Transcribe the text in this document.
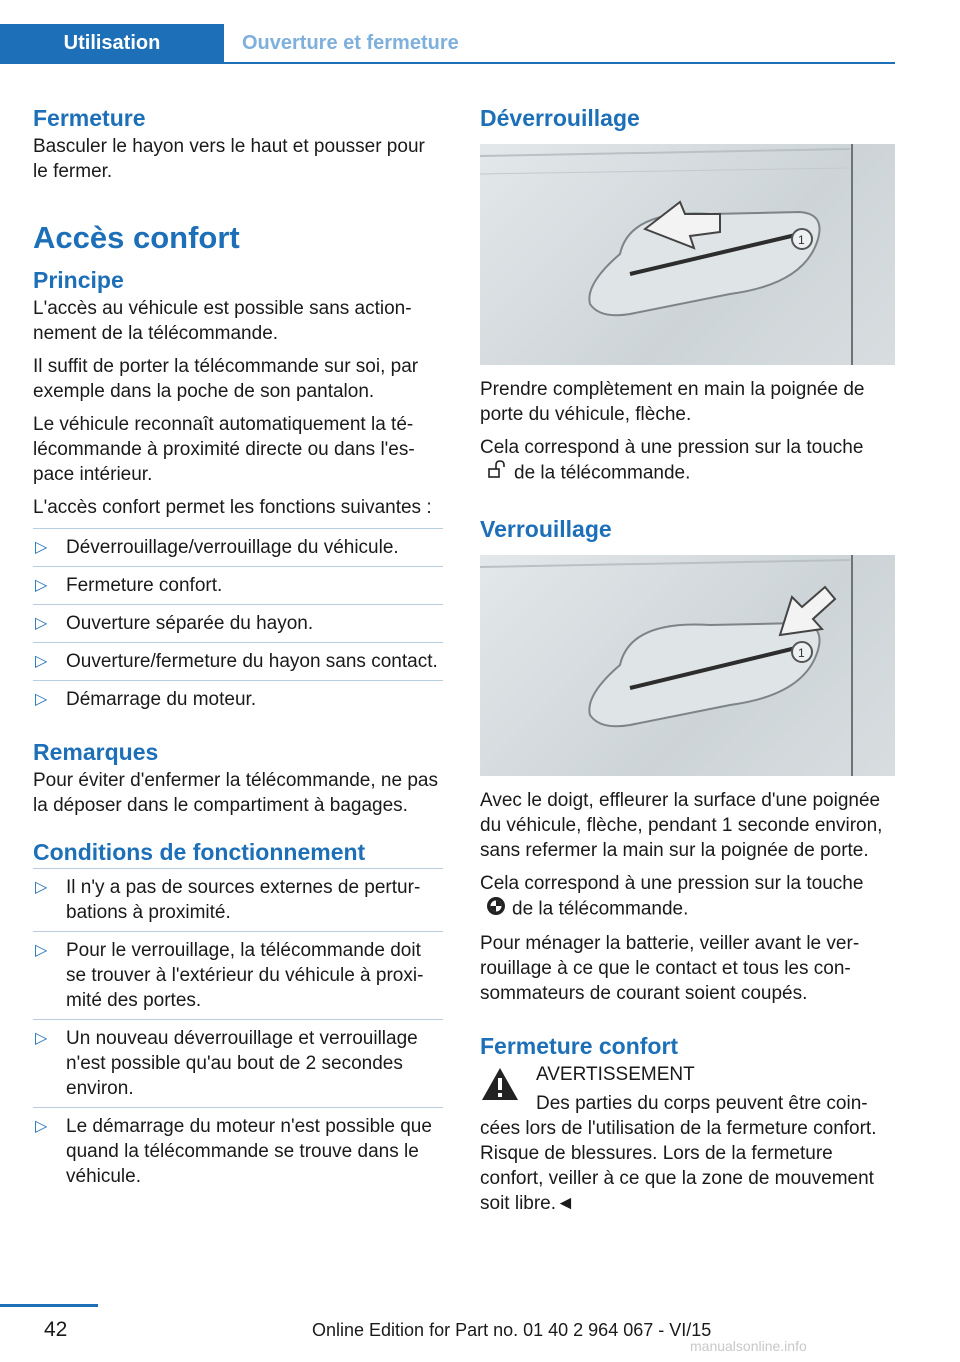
Utilisation	Ouverture et fermeture
Fermeture

Basculer le hayon vers le haut et pousser pour le fermer.

Accès confort
Principe

L'accès au véhicule est possible sans actionnement de la télécommande.

Il suffit de porter la télécommande sur soi, par exemple dans la poche de son pantalon.

Le véhicule reconnaît automatiquement la télécommande à proximité directe ou dans l'espace intérieur.

L'accès confort permet les fonctions suivantes :

▷ Déverrouillage/verrouillage du véhicule.
▷ Fermeture confort.
▷ Ouverture séparée du hayon.
▷ Ouverture/fermeture du hayon sans contact.
▷ Démarrage du moteur.
Remarques

Pour éviter d'enfermer la télécommande, ne pas la déposer dans le compartiment à bagages.

Conditions de fonctionnement
▷ Il n'y a pas de sources externes de perturbations à proximité.
▷ Pour le verrouillage, la télécommande doit se trouver à l'extérieur du véhicule à proximité des portes.
▷ Un nouveau déverrouillage et verrouillage n'est possible qu'au bout de 2 secondes environ.
▷ Le démarrage du moteur n'est possible que quand la télécommande se trouve dans le véhicule.
Déverrouillage
1

Prendre complètement en main la poignée de porte du véhicule, flèche.

Cela correspond à une pression sur la touche
de la télécommande.

Verrouillage
1

Avec le doigt, effleurer la surface d'une poignée du véhicule, flèche, pendant 1 seconde environ, sans refermer la main sur la poignée de porte.

Cela correspond à une pression sur la touche
de la télécommande.

Pour ménager la batterie, veiller avant le verrouillage à ce que le contact et tous les consommateurs de courant soient coupés.

Fermeture confort
AVERTISSEMENT

Des parties du corps peuvent être coincées lors de l'utilisation de la fermeture confort. Risque de blessures. Lors de la fermeture confort, veiller à ce que la zone de mouvement soit libre.◄

42	Online Edition for Part no. 01 40 2 964 067 - VI/15
manualsonline.info
